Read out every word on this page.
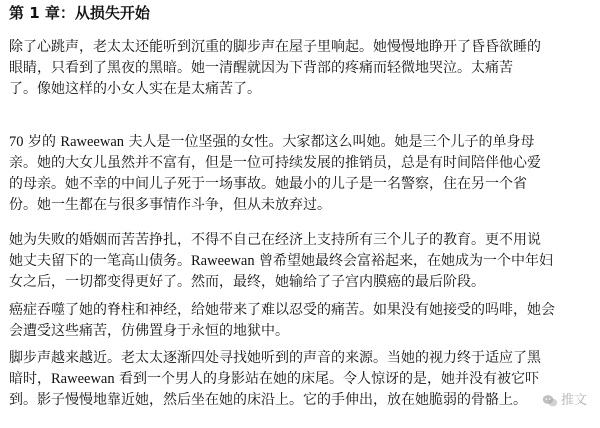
第 1 章：从损失开始
除了心跳声，老太太还能听到沉重的脚步声在屋子里响起。她慢慢地睁开了昏昏欲睡的
眼睛，只看到了黑夜的黑暗。她一清醒就因为下背部的疼痛而轻微地哭泣。太痛苦
了。像她这样的小女人实在是太痛苦了。
70 岁的 Raweewan 夫人是一位坚强的女性。大家都这么叫她。她是三个儿子的单身母
亲。她的大女儿虽然并不富有，但是一位可持续发展的推销员，总是有时间陪伴他心爱
的母亲。她不幸的中间儿子死于一场事故。她最小的儿子是一名警察，住在另一个省
份。她一生都在与很多事情作斗争，但从未放弃过。
她为失败的婚姻而苦苦挣扎，不得不自己在经济上支持所有三个儿子的教育。更不用说
她丈夫留下的一笔高山债务。Raweewan 曾希望她最终会富裕起来，在她成为一个中年妇
女之后，一切都变得更好了。然而，最终，她输给了子宫内膜癌的最后阶段。
癌症吞噬了她的脊柱和神经，给她带来了难以忍受的痛苦。如果没有她接受的吗啡，她会
会遭受这些痛苦，仿佛置身于永恒的地狱中。
脚步声越来越近。老太太逐渐四处寻找她听到的声音的来源。当她的视力终于适应了黑
暗时，Raweewan 看到一个男人的身影站在她的床尾。令人惊讶的是，她并没有被它吓
到。影子慢慢地靠近她，然后坐在她的床沿上。它的手伸出，放在她脆弱的骨骼上。	推文
